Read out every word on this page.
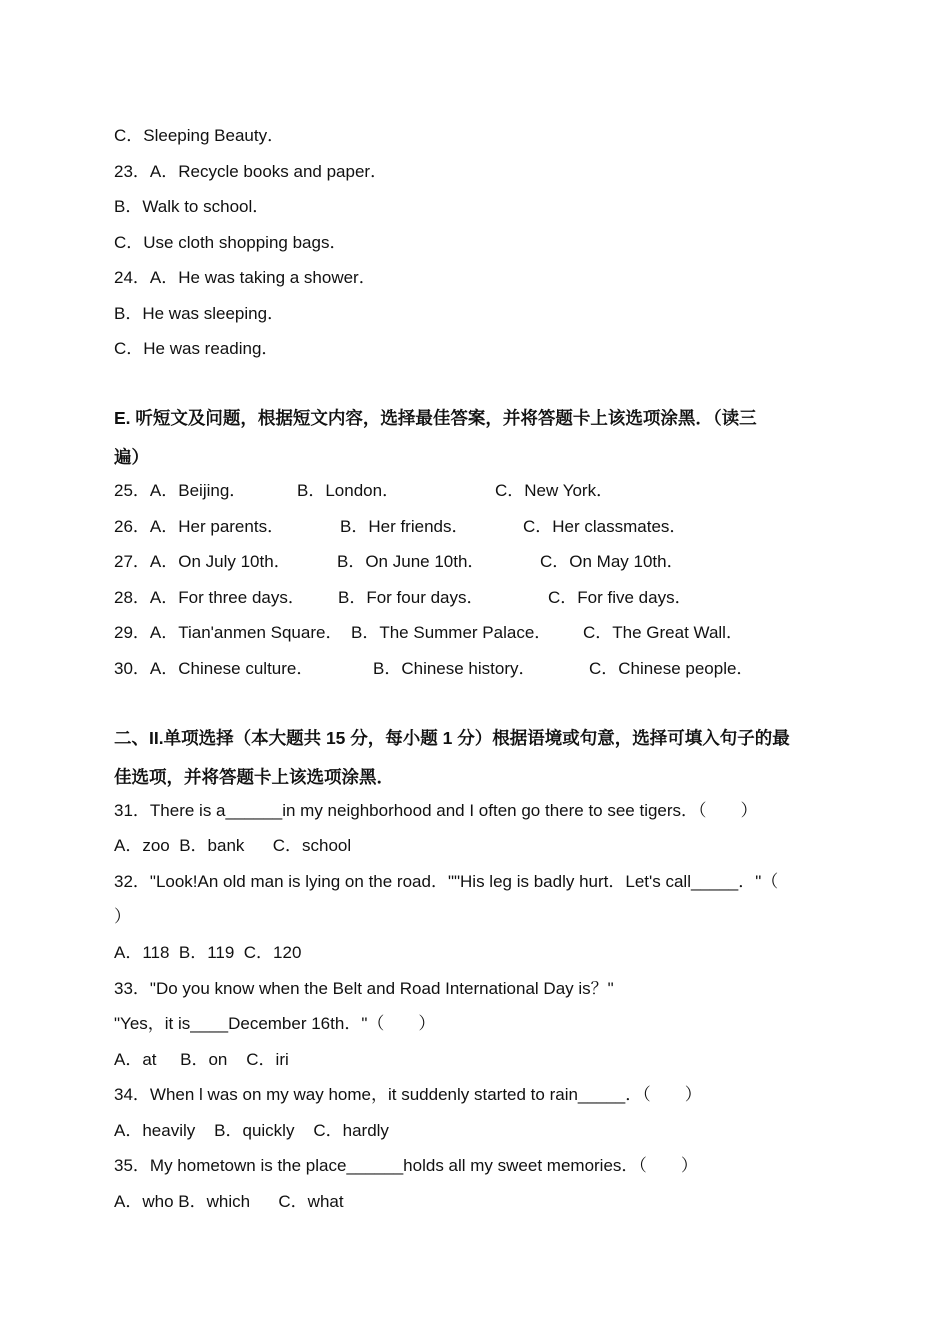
C．Sleeping Beauty．
23．A．Recycle books and paper．
B．Walk to school．
C．Use cloth shopping bags．
24．A．He was taking a shower．
B．He was sleeping．
C．He was reading．
E. 听短文及问题，根据短文内容，选择最佳答案，并将答题卡上该选项涂黑．（读三
遍）
25．A．Beijing．	B．London．	C．New York．
26．A．Her parents．	B．Her friends．	C．Her classmates．
27．A．On July 10th．	B．On June 10th．	C．On May 10th．
28．A．For three days． B．For four days．	C．For five days．
29．A．Tian'anmen Square． B．The Summer Palace． C．The Great Wall．
30．A．Chinese culture．	B．Chinese history．	C．Chinese people．
二、II.单项选择（本大题共 15 分，每小题 1 分）根据语境或句意，选择可填入句子的最
佳选项，并将答题卡上该选项涂黑．
31．There is a______in my neighborhood and I often go there to see tigers．（　　）
A．zoo  B．bank      C．school
32．"Look!An old man is lying on the road．""His leg is badly hurt．Let's call_____．"（
）
A．118  B．119  C．120
33．"Do you know when the Belt and Road International Day is？"
"Yes，it is____December 16th．"（　　）
A．at     B．on    C．iri
34．When l was on my way home，it suddenly started to rain_____．（　　）
A．heavily    B．quickly    C．hardly
35．My hometown is the place______holds all my sweet memories．（　　）
A．who B．which      C．what
